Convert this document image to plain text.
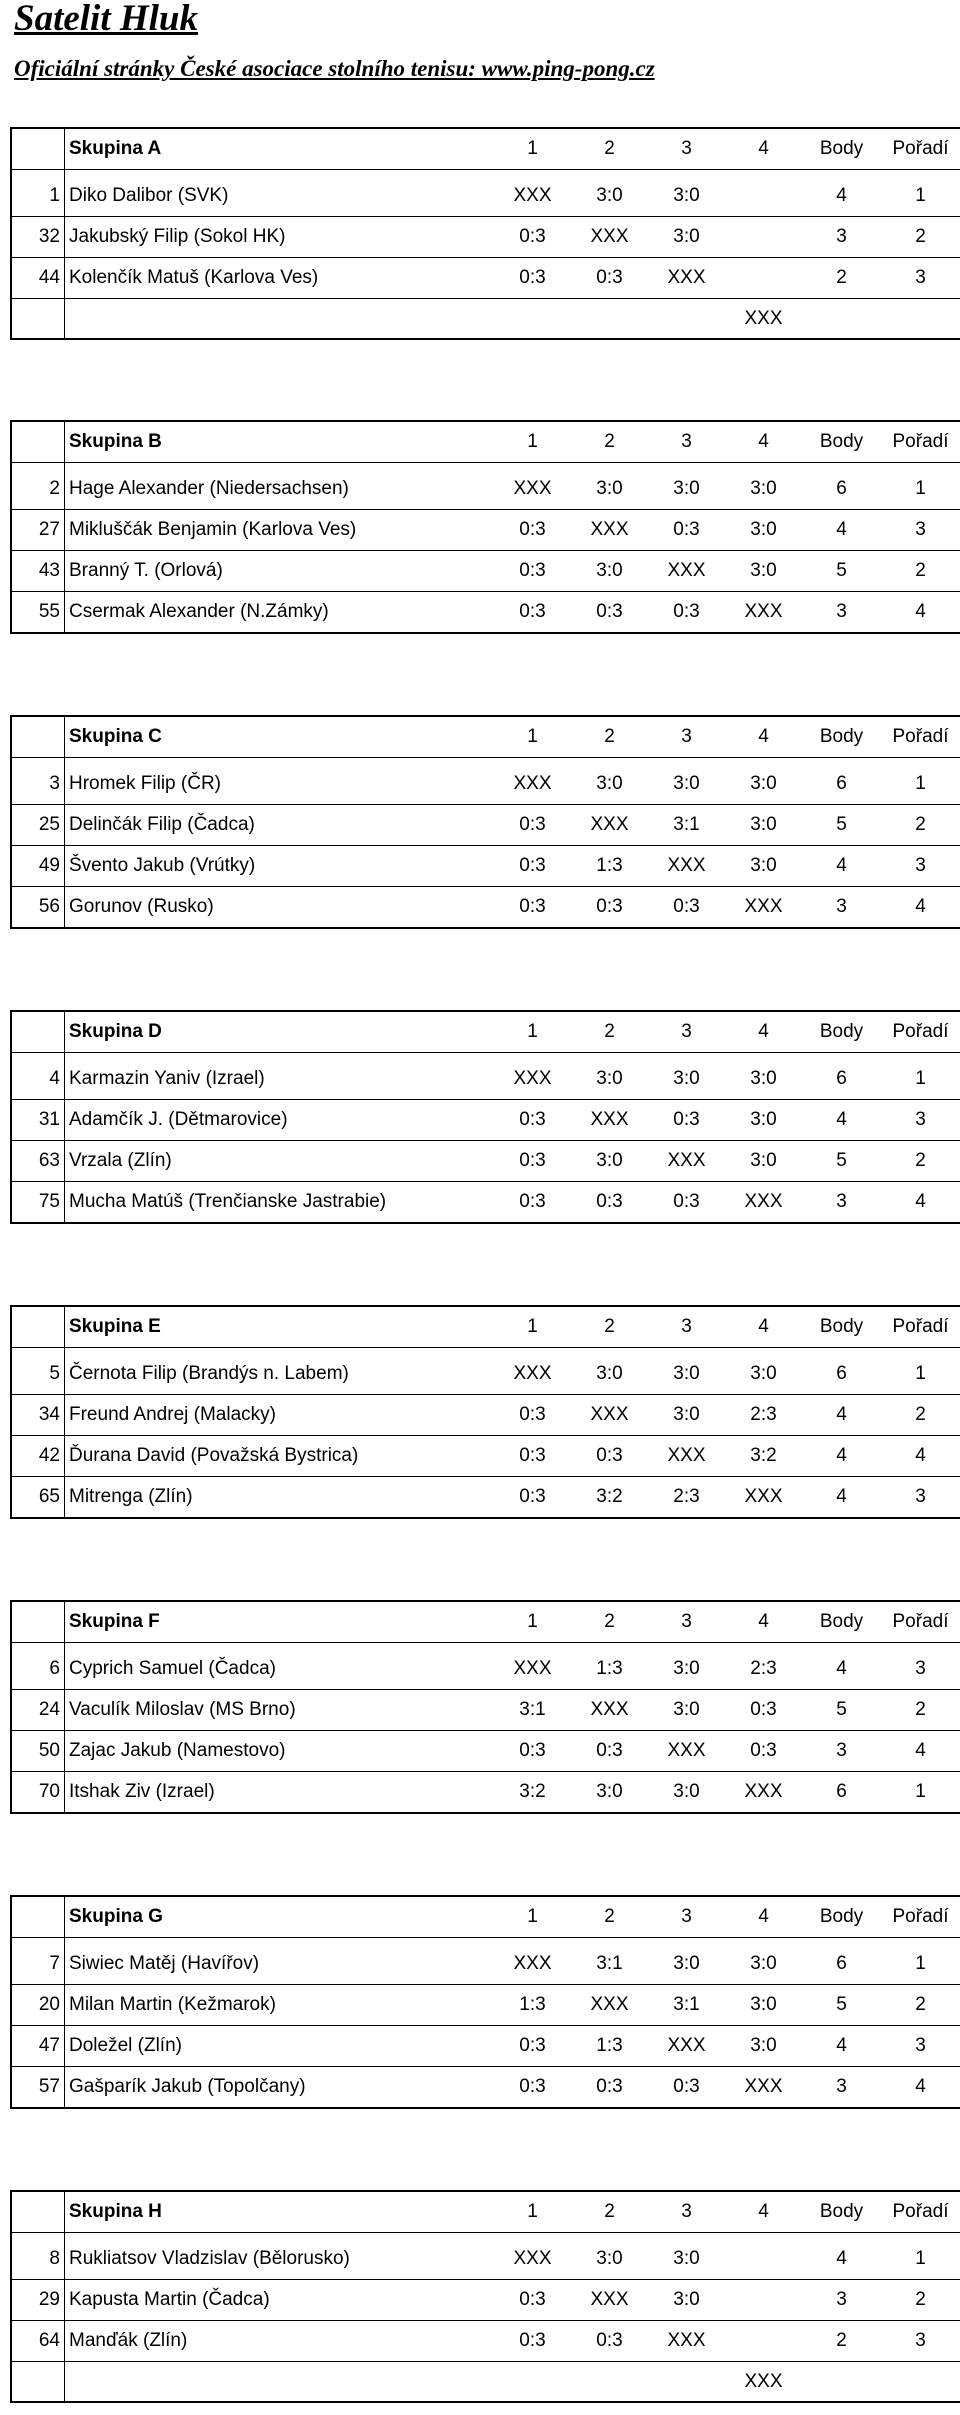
Satelit Hluk
Oficiální stránky České asociace stolního tenisu: www.ping-pong.cz
	Skupina A	1	2	3	4	Body	Pořadí

1	Diko Dalibor (SVK)	XXX	3:0	3:0		4	1
32	Jakubský Filip (Sokol HK)	0:3	XXX	3:0		3	2
44	Kolenčík Matuš (Karlova Ves)	0:3	0:3	XXX		2	3
					XXX		
	Skupina B	1	2	3	4	Body	Pořadí

2	Hage Alexander (Niedersachsen)	XXX	3:0	3:0	3:0	6	1
27	Mikluščák Benjamin (Karlova Ves)	0:3	XXX	0:3	3:0	4	3
43	Branný T. (Orlová)	0:3	3:0	XXX	3:0	5	2
55	Csermak Alexander (N.Zámky)	0:3	0:3	0:3	XXX	3	4
	Skupina C	1	2	3	4	Body	Pořadí

3	Hromek Filip (ČR)	XXX	3:0	3:0	3:0	6	1
25	Delinčák Filip (Čadca)	0:3	XXX	3:1	3:0	5	2
49	Švento Jakub (Vrútky)	0:3	1:3	XXX	3:0	4	3
56	Gorunov (Rusko)	0:3	0:3	0:3	XXX	3	4
	Skupina D	1	2	3	4	Body	Pořadí

4	Karmazin Yaniv (Izrael)	XXX	3:0	3:0	3:0	6	1
31	Adamčík J. (Dětmarovice)	0:3	XXX	0:3	3:0	4	3
63	Vrzala (Zlín)	0:3	3:0	XXX	3:0	5	2
75	Mucha Matúš (Trenčianske Jastrabie)	0:3	0:3	0:3	XXX	3	4
	Skupina E	1	2	3	4	Body	Pořadí

5	Černota Filip (Brandýs n. Labem)	XXX	3:0	3:0	3:0	6	1
34	Freund Andrej (Malacky)	0:3	XXX	3:0	2:3	4	2
42	Ďurana David (Považská Bystrica)	0:3	0:3	XXX	3:2	4	4
65	Mitrenga (Zlín)	0:3	3:2	2:3	XXX	4	3
	Skupina F	1	2	3	4	Body	Pořadí

6	Cyprich Samuel (Čadca)	XXX	1:3	3:0	2:3	4	3
24	Vaculík Miloslav (MS Brno)	3:1	XXX	3:0	0:3	5	2
50	Zajac Jakub (Namestovo)	0:3	0:3	XXX	0:3	3	4
70	Itshak Ziv (Izrael)	3:2	3:0	3:0	XXX	6	1
	Skupina G	1	2	3	4	Body	Pořadí

7	Siwiec Matěj (Havířov)	XXX	3:1	3:0	3:0	6	1
20	Milan Martin (Kežmarok)	1:3	XXX	3:1	3:0	5	2
47	Doležel (Zlín)	0:3	1:3	XXX	3:0	4	3
57	Gašparík Jakub (Topolčany)	0:3	0:3	0:3	XXX	3	4
	Skupina H	1	2	3	4	Body	Pořadí

8	Rukliatsov Vladzislav (Bělorusko)	XXX	3:0	3:0		4	1
29	Kapusta Martin (Čadca)	0:3	XXX	3:0		3	2
64	Manďák (Zlín)	0:3	0:3	XXX		2	3
					XXX		
